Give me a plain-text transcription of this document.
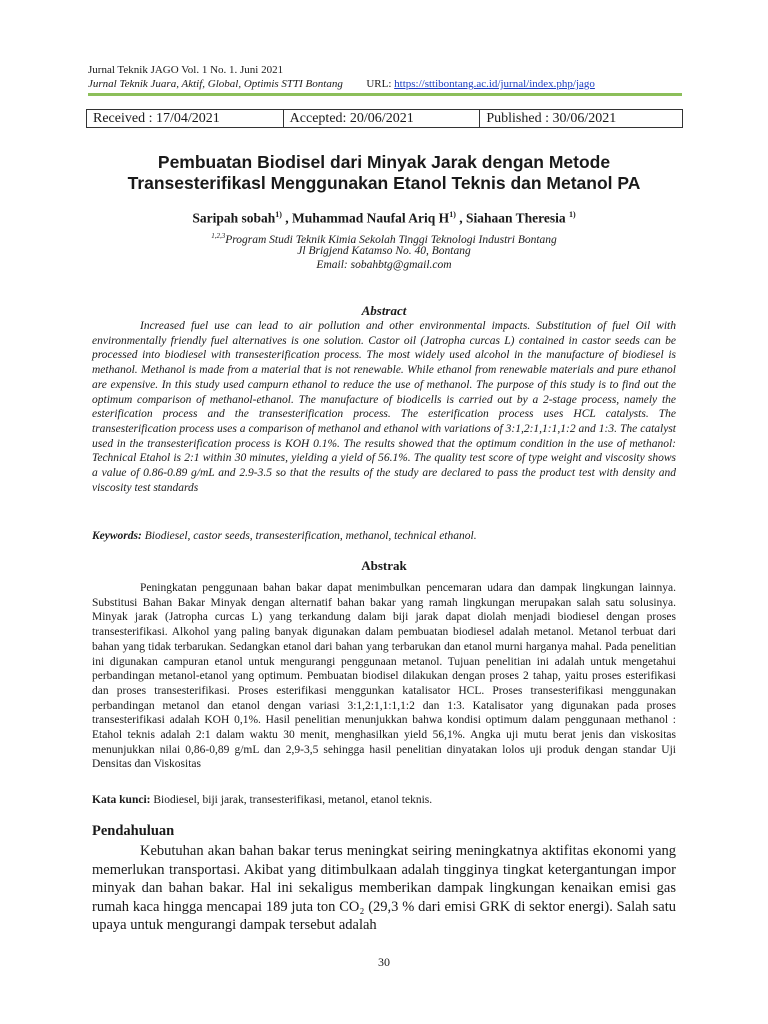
Jurnal Teknik JAGO Vol. 1 No. 1. Juni 2021
Jurnal Teknik Juara, Aktif, Global, Optimis STTI Bontang URL: https://sttibontang.ac.id/jurnal/index.php/jago
Received : 17/04/2021	Accepted: 20/06/2021	Published : 30/06/2021
Pembuatan Biodisel dari Minyak Jarak dengan Metode
Transesterifikasl Menggunakan Etanol Teknis dan Metanol PA
Saripah sobah$^{1)}$ , Muhammad Naufal Ariq $H^{1)}$ , Siahaan Theresia $^{1)}$
$^{1,2,3}$Program Studi Teknik Kimia Sekolah Tinggi Teknologi Industri Bontang
Jl Brigjend Katamso No. 40, Bontang
Email: sobahbtg@gmail.com
Abstract
Increased fuel use can lead to air pollution and other environmental impacts. Substitution of fuel Oil with environmentally friendly fuel alternatives is one solution. Castor oil (Jatropha curcas L) contained in castor seeds can be processed into biodiesel with transesterification process. The most widely used alcohol in the manufacture of biodiesel is methanol. Methanol is made from a material that is not renewable. While ethanol from renewable materials and pure ethanol are expensive. In this study used campurn ethanol to reduce the use of methanol. The purpose of this study is to find out the optimum comparison of methanol-ethanol. The manufacture of biodicells is carried out by a 2-stage process, namely the esterification process and the transesterification process. The esterification process uses HCL catalysts. The transesterification process uses a comparison of methanol and ethanol with variations of 3:1,2:1,1:1,1:2 and 1:3. The catalyst used in the transesterification process is KOH 0.1%. The results showed that the optimum condition in the use of methanol: Technical Etahol is 2:1 within 30 minutes, yielding a yield of 56.1%. The quality test score of type weight and viscosity shows a value of 0.86-0.89 g/mL and 2.9-3.5 so that the results of the study are declared to pass the product test with density and viscosity test standards
Keywords: Biodiesel, castor seeds, transesterification, methanol, technical ethanol.
Abstrak
Peningkatan penggunaan bahan bakar dapat menimbulkan pencemaran udara dan dampak lingkungan lainnya. Substitusi Bahan Bakar Minyak dengan alternatif bahan bakar yang ramah lingkungan merupakan salah satu solusinya. Minyak jarak (Jatropha curcas L) yang terkandung dalam biji jarak dapat diolah menjadi biodiesel dengan proses transesterifikasi. Alkohol yang paling banyak digunakan dalam pembuatan biodiesel adalah metanol. Metanol terbuat dari bahan yang tidak terbarukan. Sedangkan etanol dari bahan yang terbarukan dan etanol murni harganya mahal. Pada penelitian ini digunakan campuran etanol untuk mengurangi penggunaan metanol. Tujuan penelitian ini adalah untuk mengetahui perbandingan metanol-etanol yang optimum. Pembuatan biodisel dilakukan dengan proses 2 tahap, yaitu proses esterifikasi dan proses transesterifikasi. Proses esterifikasi menggunkan katalisator HCL. Proses transesterifikasi menggunakan perbandingan metanol dan etanol dengan variasi 3:1,2:1,1:1,1:2 dan 1:3. Katalisator yang digunakan pada proses transesterifikasi adalah KOH 0,1%. Hasil penelitian menunjukkan bahwa kondisi optimum dalam penggunaan methanol : Etahol teknis adalah 2:1 dalam waktu 30 menit, menghasilkan yield 56,1%. Angka uji mutu berat jenis dan viskositas menunjukkan nilai 0,86-0,89 g/mL dan 2,9-3,5 sehingga hasil penelitian dinyatakan lolos uji produk dengan standar Uji Densitas dan Viskositas
Kata kunci: Biodiesel, biji jarak, transesterifikasi, metanol, etanol teknis.
Pendahuluan
Kebutuhan akan bahan bakar terus meningkat seiring meningkatnya aktifitas ekonomi yang memerlukan transportasi. Akibat yang ditimbulkaan adalah tingginya tingkat ketergantungan impor minyak dan bahan bakar. Hal ini sekaligus memberikan dampak lingkungan kenaikan emisi gas rumah kaca hingga mencapai 189 juta ton CO₂ (29,3 % dari emisi GRK di sektor energi). Salah satu upaya untuk mengurangi dampak tersebut adalah
30
